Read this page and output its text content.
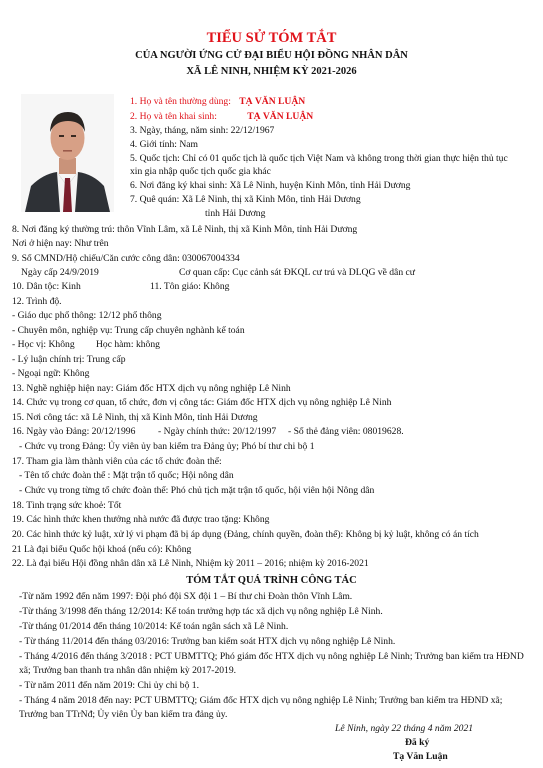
TIỂU SỬ TÓM TẮT
CỦA NGƯỜI ỨNG CỬ ĐẠI BIỂU HỘI ĐỒNG NHÂN DÂN
XÃ LÊ NINH, NHIỆM KỲ 2021-2026
1. Họ và tên thường dùng: TẠ VĂN LUẬN
2. Họ và tên khai sinh:	TẠ VĂN LUẬN
3. Ngày, tháng, năm sinh: 22/12/1967
4. Giới tính: Nam
5. Quốc tịch: Chỉ có 01 quốc tịch là quốc tịch Việt Nam và không trong thời gian thực hiện thủ tục
xin gia nhập quốc tịch quốc gia khác
6. Nơi đăng ký khai sinh: Xã Lê Ninh, huyện Kinh Môn, tỉnh Hải Dương
7. Quê quán: Xã Lê Ninh, thị xã Kinh Môn, tỉnh Hải Dương
tỉnh Hải Dương
8. Nơi đăng ký thường trú: thôn Vĩnh Lâm, xã Lê Ninh, thị xã Kinh Môn, tỉnh Hải Dương
Nơi ở hiện nay: Như trên
9. Số CMND/Hộ chiếu/Căn cước công dân: 030067004334
Ngày cấp 24/9/2019	Cơ quan cấp: Cục cảnh sát ĐKQL cư trú và DLQG về dân cư
10. Dân tộc: Kinh	11. Tôn giáo: Không
12. Trình độ.
- Giáo dục phổ thông: 12/12 phổ thông
- Chuyên môn, nghiệp vụ: Trung cấp chuyên nghành kế toán
- Học vị: Không Học hàm: không
- Lý luận chính trị: Trung cấp
- Ngoại ngữ: Không
13. Nghề nghiệp hiện nay: Giám đốc HTX dịch vụ nông nghiệp Lê Ninh
14. Chức vụ trong cơ quan, tổ chức, đơn vị công tác: Giám đốc HTX dịch vụ nông nghiệp Lê Ninh
15. Nơi công tác: xã Lê Ninh, thị xã Kinh Môn, tỉnh Hải Dương
16. Ngày vào Đảng: 20/12/1996 - Ngày chính thức: 20/12/1997 - Số thẻ đảng viên: 08019628.
- Chức vụ trong Đảng: Ủy viên ủy ban kiểm tra Đảng ủy; Phó bí thư chi bộ 1
17. Tham gia làm thành viên của các tổ chức đoàn thể:
- Tên tổ chức đoàn thể : Mặt trận tổ quốc; Hội nông dân
- Chức vụ trong từng tổ chức đoàn thể: Phó chủ tịch mặt trận tổ quốc, hội viên hội Nông dân
18. Tình trạng sức khoẻ: Tốt
19. Các hình thức khen thưởng nhà nước đã được trao tặng: Không
20. Các hình thức kỷ luật, xử lý vi phạm đã bị áp dụng (Đảng, chính quyền, đoàn thể): Không bị kỷ luật, không có án tích
21 Là đại biểu Quốc hội khoá (nếu có): Không
22. Là đại biểu Hội đồng nhân dân xã Lê Ninh, Nhiệm kỳ 2011 – 2016; nhiệm kỳ 2016-2021
TÓM TẮT QUÁ TRÌNH CÔNG TÁC
-Từ năm 1992 đến năm 1997: Đội phó đội SX đội 1 – Bí thư chi Đoàn thôn Vĩnh Lâm.
-Từ tháng 3/1998 đến tháng 12/2014: Kế toán trưởng hợp tác xã dịch vụ nông nghiệp Lê Ninh.
-Từ tháng 01/2014 đến tháng 10/2014: Kế toán ngân sách xã Lê Ninh.
- Từ tháng 11/2014 đến tháng 03/2016: Trưởng ban kiểm soát HTX dịch vụ nông nghiệp Lê Ninh.
- Tháng 4/2016 đến tháng 3/2018 : PCT UBMTTQ; Phó giám đốc HTX dịch vụ nông nghiệp Lê Ninh; Trưởng ban kiểm tra HĐND xã; Trưởng ban thanh tra nhân dân nhiệm kỳ 2017-2019.
- Từ năm 2011 đến năm 2019: Chi ủy chi bộ 1.
- Tháng 4 năm 2018 đến nay: PCT UBMTTQ; Giám đốc HTX dịch vụ nông nghiệp Lê Ninh; Trưởng ban kiểm tra HĐND xã; Trưởng ban TTrNđ; Ủy viên Ủy ban kiểm tra đảng ủy.
Lê Ninh, ngày 22 tháng 4 năm 2021
Đã ký
Tạ Văn Luận
